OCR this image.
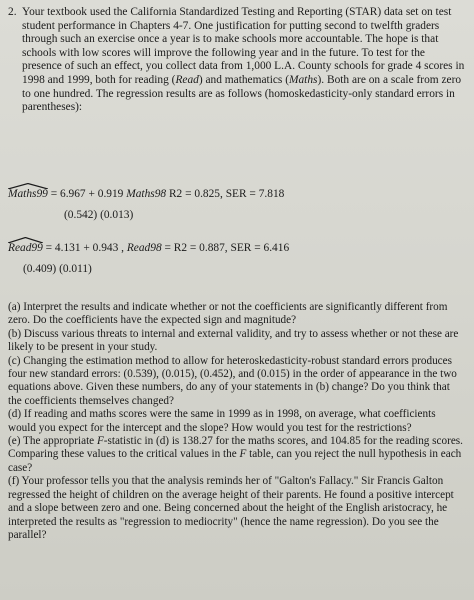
2. Your textbook used the California Standardized Testing and Reporting (STAR) data set on test student performance in Chapters 4-7. One justification for putting second to twelfth graders through such an exercise once a year is to make schools more accountable. The hope is that schools with low scores will improve the following year and in the future. To test for the presence of such an effect, you collect data from 1,000 L.A. County schools for grade 4 scores in 1998 and 1999, both for reading (Read) and mathematics (Maths). Both are on a scale from zero to one hundred. The regression results are as follows (homoskedasticity-only standard errors in parentheses):
Maths99 = 6.967 + 0.919 Maths98 R2 = 0.825, SER = 7.818
(0.542) (0.013)
Read99 = 4.131 + 0.943 , Read98 = R2 = 0.887, SER = 6.416
(0.409) (0.011)

(a) Interpret the results and indicate whether or not the coefficients are significantly different from zero. Do the coefficients have the expected sign and magnitude?

(b) Discuss various threats to internal and external validity, and try to assess whether or not these are likely to be present in your study.

(c) Changing the estimation method to allow for heteroskedasticity-robust standard errors produces four new standard errors: (0.539), (0.015), (0.452), and (0.015) in the order of appearance in the two equations above. Given these numbers, do any of your statements in (b) change? Do you think that the coefficients themselves changed?

(d) If reading and maths scores were the same in 1999 as in 1998, on average, what coefficients would you expect for the intercept and the slope? How would you test for the restrictions?

(e) The appropriate F-statistic in (d) is 138.27 for the maths scores, and 104.85 for the reading scores. Comparing these values to the critical values in the F table, can you reject the null hypothesis in each case?

(f) Your professor tells you that the analysis reminds her of "Galton's Fallacy." Sir Francis Galton regressed the height of children on the average height of their parents. He found a positive intercept and a slope between zero and one. Being concerned about the height of the English aristocracy, he interpreted the results as "regression to mediocrity" (hence the name regression). Do you see the parallel?
